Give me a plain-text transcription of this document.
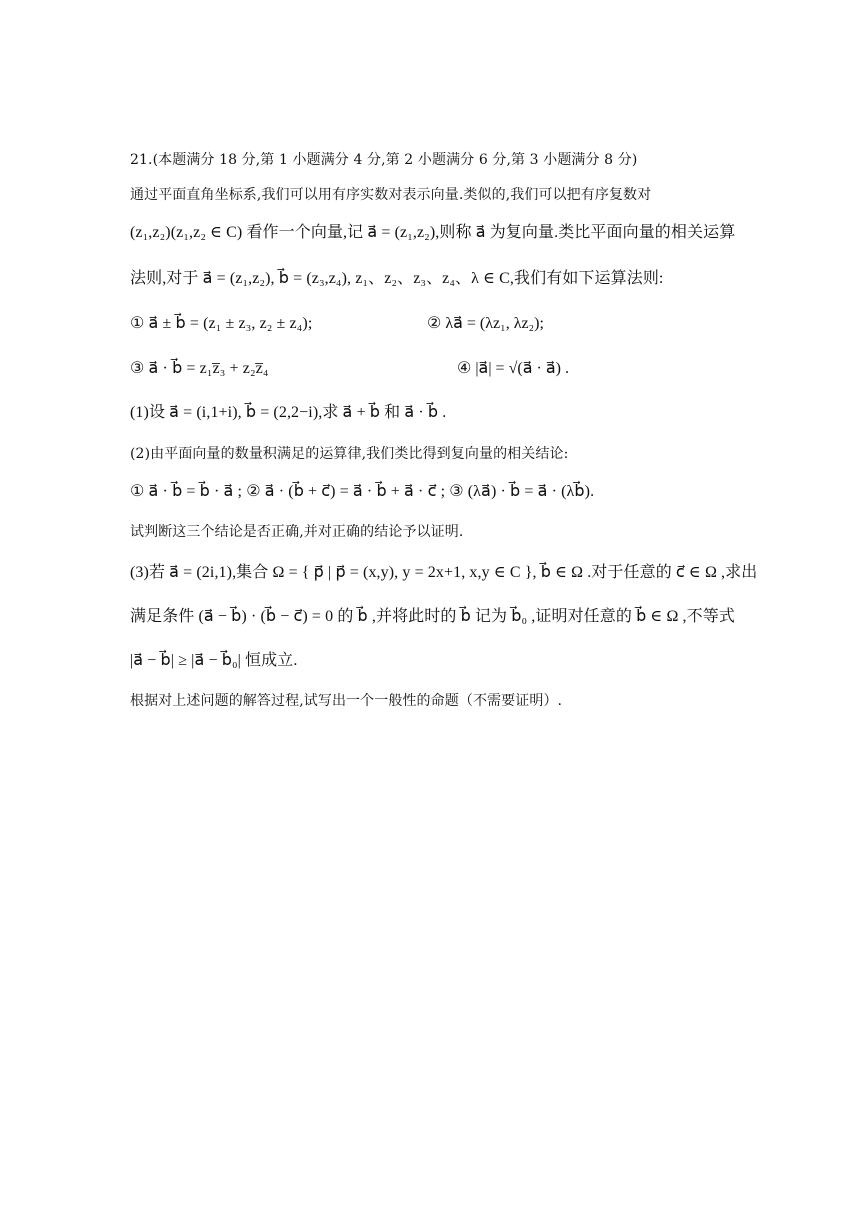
21.(本题满分 18 分,第 1 小题满分 4 分,第 2 小题满分 6 分,第 3 小题满分 8 分)
通过平面直角坐标系,我们可以用有序实数对表示向量.类似的,我们可以把有序复数对
(z₁,z₂)(z₁,z₂ ∈ C) 看作一个向量,记 a⃗ = (z₁,z₂),则称 a⃗ 为复向量.类比平面向量的相关运算
法则,对于 a⃗ = (z₁,z₂), b⃗ = (z₃,z₄), z₁、z₂、z₃、z₄、λ ∈ C,我们有如下运算法则:
① a⃗ ± b⃗ = (z₁ ± z₃, z₂ ± z₄);	② λa⃗ = (λz₁, λz₂);
③ a⃗ · b⃗ = z₁z̅₃ + z₂z̅₄	④ |a⃗| = √(a⃗ · a⃗) .
(1)设 a⃗ = (i,1+i), b⃗ = (2,2−i),求 a⃗ + b⃗ 和 a⃗ · b⃗ .
(2)由平面向量的数量积满足的运算律,我们类比得到复向量的相关结论:
① a⃗ · b⃗ = b⃗ · a⃗ ; ② a⃗ · (b⃗ + c⃗) = a⃗ · b⃗ + a⃗ · c⃗ ; ③ (λa⃗) · b⃗ = a⃗ · (λb⃗).
试判断这三个结论是否正确,并对正确的结论予以证明.
(3)若 a⃗ = (2i,1),集合 Ω = { p⃗ | p⃗ = (x,y), y = 2x+1, x,y ∈ C }, b⃗ ∈ Ω .对于任意的 c⃗ ∈ Ω ,求出
满足条件 (a⃗ − b⃗) · (b⃗ − c⃗) = 0 的 b⃗ ,并将此时的 b⃗ 记为 b⃗₀ ,证明对任意的 b⃗ ∈ Ω ,不等式
|a⃗ − b⃗| ≥ |a⃗ − b⃗₀| 恒成立.
根据对上述问题的解答过程,试写出一个一般性的命题（不需要证明）.
